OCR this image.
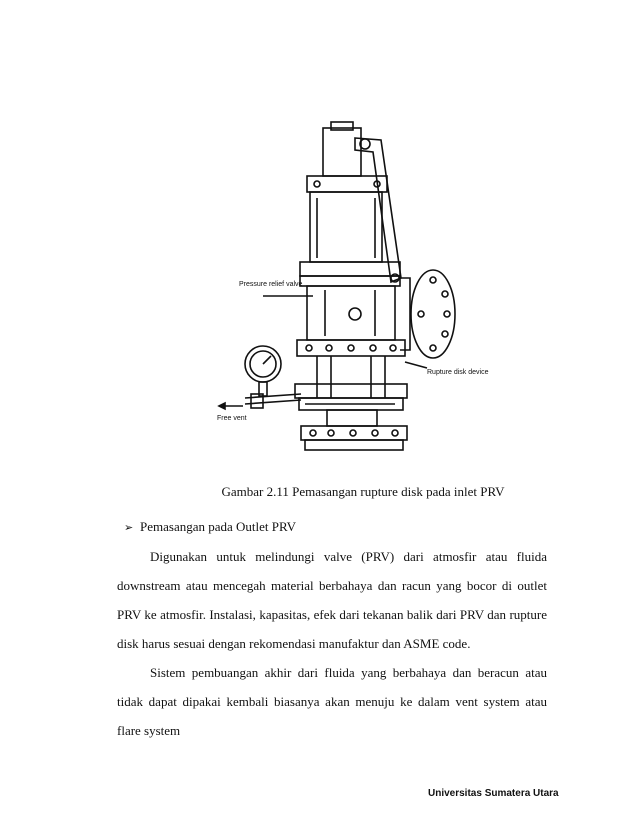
Pressure relief valve
Rupture disk device
Free vent
Gambar 2.11 Pemasangan rupture disk pada inlet PRV
➢ Pemasangan pada Outlet PRV
Digunakan untuk melindungi valve (PRV) dari atmosfir atau fluida downstream atau mencegah material berbahaya dan racun yang bocor di outlet PRV ke atmosfir. Instalasi, kapasitas, efek dari tekanan balik dari PRV dan rupture disk harus sesuai dengan rekomendasi manufaktur dan ASME code.
Sistem pembuangan akhir dari fluida yang berbahaya dan beracun atau tidak dapat dipakai kembali biasanya akan menuju ke dalam vent system atau flare system
Universitas Sumatera Utara
